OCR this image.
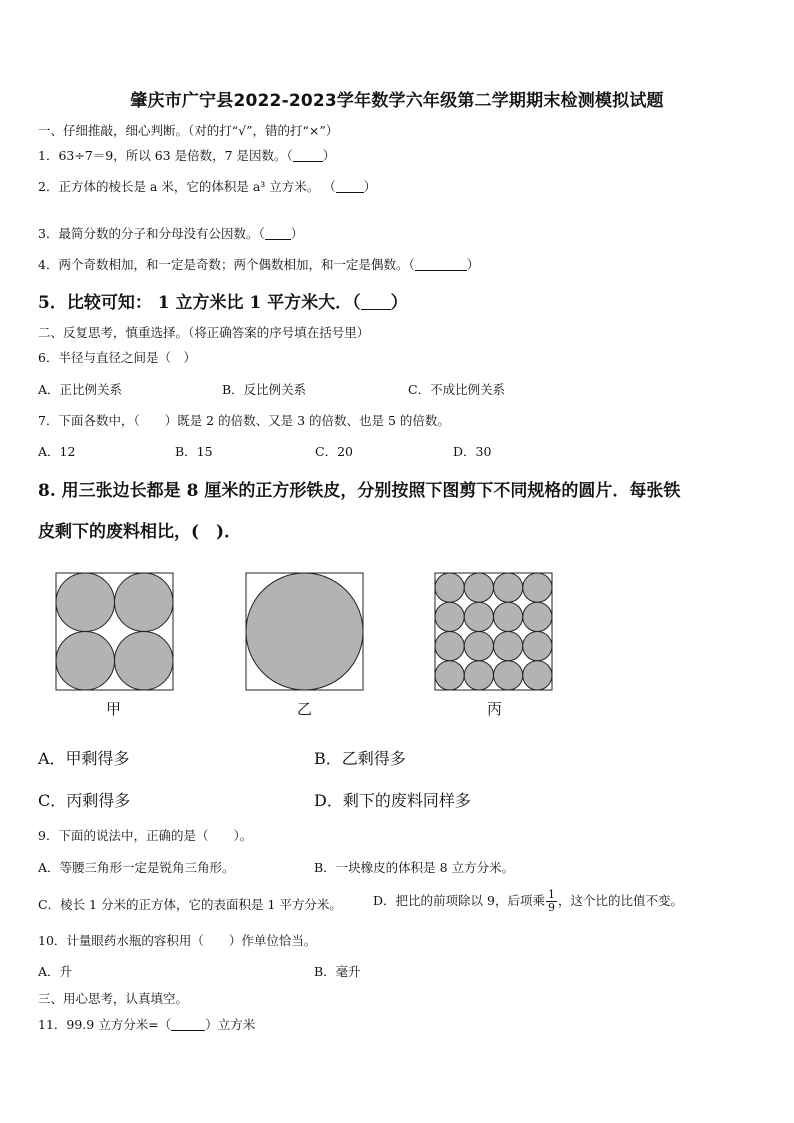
肇庆市广宁县2022-2023学年数学六年级第二学期期末检测模拟试题
一、仔细推敲，细心判断。（对的打“√”，错的打“×”）
1．63÷7＝9，所以 63 是倍数，7 是因数。（ ）
2．正方体的棱长是 a 米，它的体积是 a³ 立方米。 （ ）
3．最简分数的分子和分母没有公因数。（ ）
4．两个奇数相加，和一定是奇数；两个偶数相加，和一定是偶数。（	）
5．比较可知： 1 立方米比 1 平方米大．（ ）
二、反复思考，慎重选择。（将正确答案的序号填在括号里）
6．半径与直径之间是（　）
A．正比例关系	B．反比例关系	C．不成比例关系
7．下面各数中，（　　）既是 2 的倍数、又是 3 的倍数、也是 5 的倍数。
A．12	B．15	C．20	D．30
8. 用三张边长都是 8 厘米的正方形铁皮，分别按照下图剪下不同规格的圆片．每张铁
皮剩下的废料相比，(　)．
甲	乙	丙
A．甲剩得多	B．乙剩得多
C．丙剩得多	D．剩下的废料同样多
9．下面的说法中，正确的是（　　）。
A．等腰三角形一定是锐角三角形。	B．一块橡皮的体积是 8 立方分米。
C．棱长 1 分米的正方体，它的表面积是 1 平方分米。 D．把比的前项除以 9，后项乘 $\frac{1}{9}$ ，这个比的比值不变。
10．计量眼药水瓶的容积用（　　）作单位恰当。
A．升	B．毫升
三、用心思考，认真填空。
11．99.9 立方分米=（	）立方米
